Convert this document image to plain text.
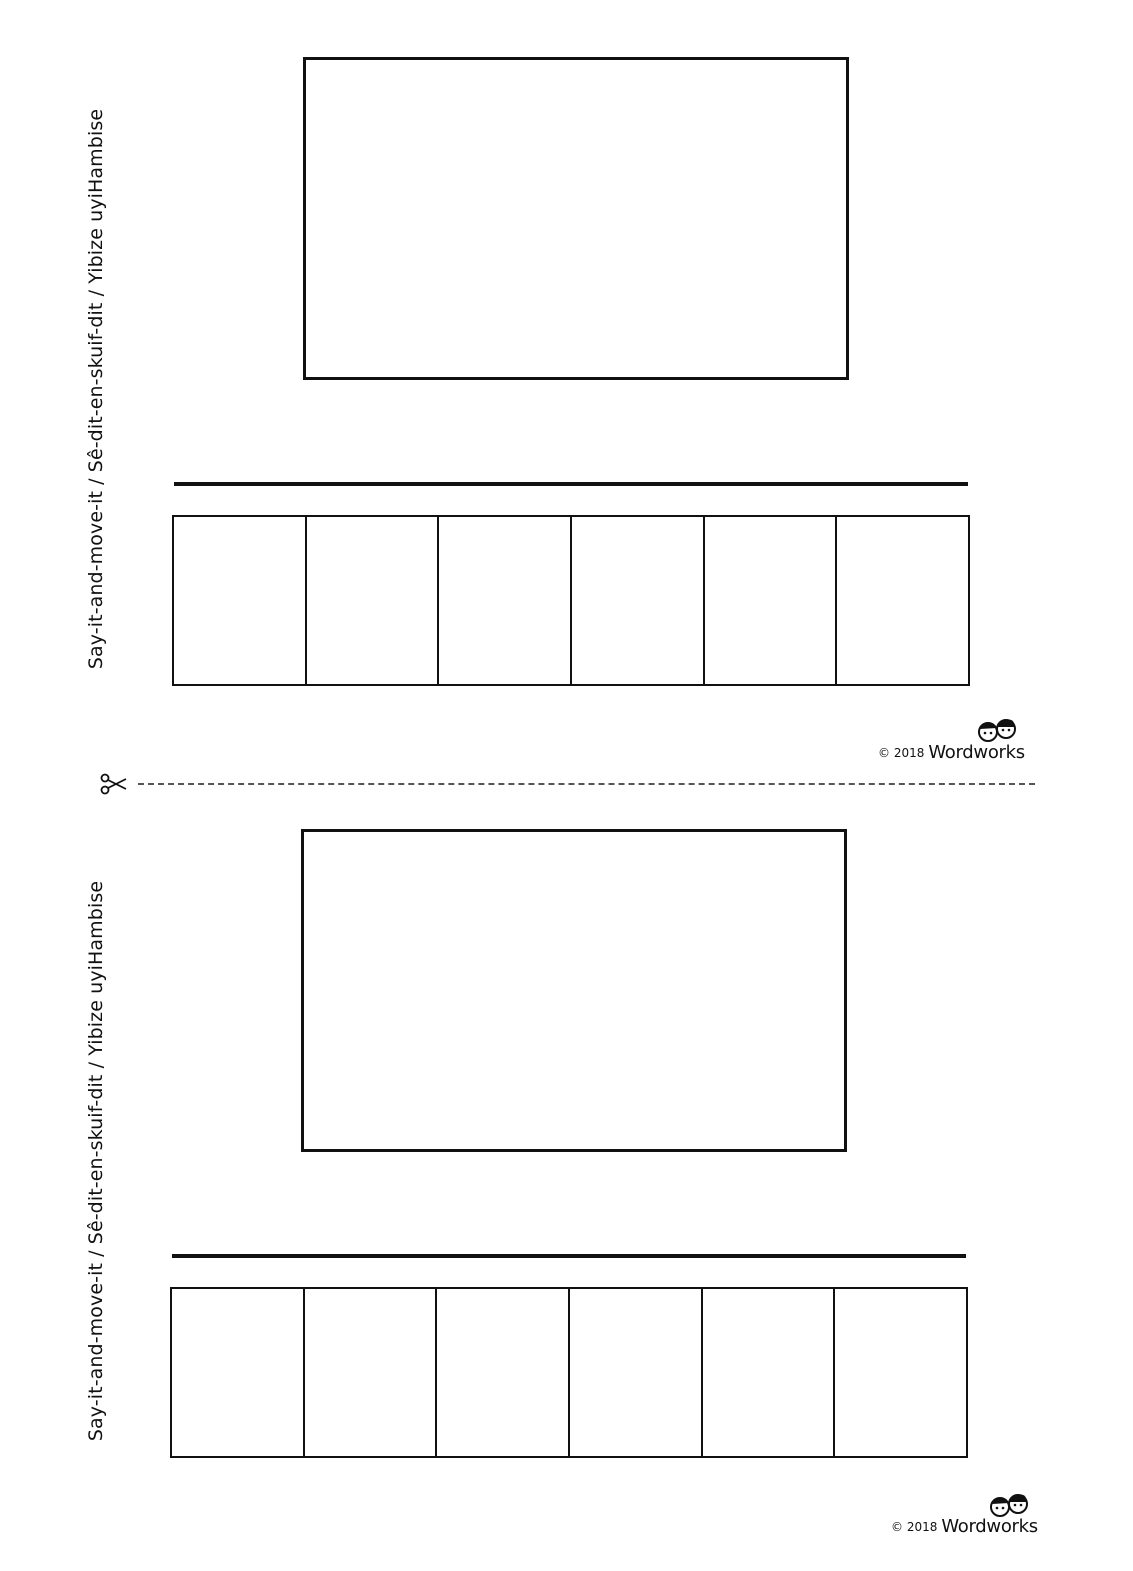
Say-it-and-move-it / Sê-dit-en-skuif-dit / Yibize uyiHambise
© 2018 Wordworks
Say-it-and-move-it / Sê-dit-en-skuif-dit / Yibize uyiHambise
© 2018 Wordworks
